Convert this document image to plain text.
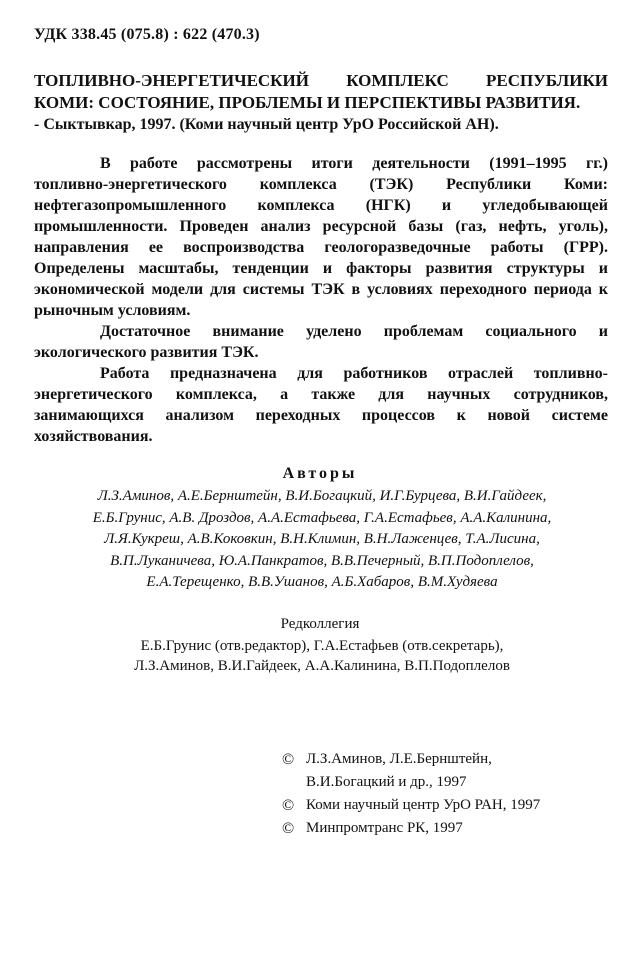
УДК 338.45 (075.8) : 622 (470.3)
ТОПЛИВНО-ЭНЕРГЕТИЧЕСКИЙ КОМПЛЕКС РЕСПУБЛИКИ
КОМИ: СОСТОЯНИЕ, ПРОБЛЕМЫ И ПЕРСПЕКТИВЫ РАЗВИТИЯ.
- Сыктывкар, 1997. (Коми научный центр УрО Российской АН).
В работе рассмотрены итоги деятельности (1991–1995 гг.)
топливно-энергетического комплекса (ТЭК) Республики Коми:
нефтегазопромышленного комплекса (НГК) и угледобывающей
промышленности. Проведен анализ ресурсной базы (газ, нефть, уголь),
направления ее воспроизводства геологоразведочные работы (ГРР).
Определены масштабы, тенденции и факторы развития структуры и
экономической модели для системы ТЭК в условиях переходного периода к
рыночным условиям.
Достаточное внимание уделено проблемам социального и
экологического развития ТЭК.
Работа предназначена для работников отраслей топливно-
энергетического комплекса, а также для научных сотрудников,
занимающихся анализом переходных процессов к новой системе
хозяйствования.
Авторы
Л.З.Аминов, А.Е.Бернштейн, В.И.Богацкий, И.Г.Бурцева, В.И.Гайдеек,
Е.Б.Грунис, А.В. Дроздов, А.А.Естафьева, Г.А.Естафьев, А.А.Калинина,
Л.Я.Кукреш, А.В.Коковкин, В.Н.Климин, В.Н.Лаженцев, Т.А.Лисина,
В.П.Луканичева, Ю.А.Панкратов, В.В.Печерный, В.П.Подоплелов,
Е.А.Терещенко, В.В.Ушанов, А.Б.Хабаров, В.М.Худяева
Редколлегия
Е.Б.Грунис (отв.редактор), Г.А.Естафьев (отв.секретарь),
Л.З.Аминов, В.И.Гайдеек, А.А.Калинина, В.П.Подоплелов
© Л.З.Аминов, Л.Е.Бернштейн,
В.И.Богацкий и др., 1997
© Коми научный центр УрО РАН, 1997
© Минпромтранс РК, 1997
